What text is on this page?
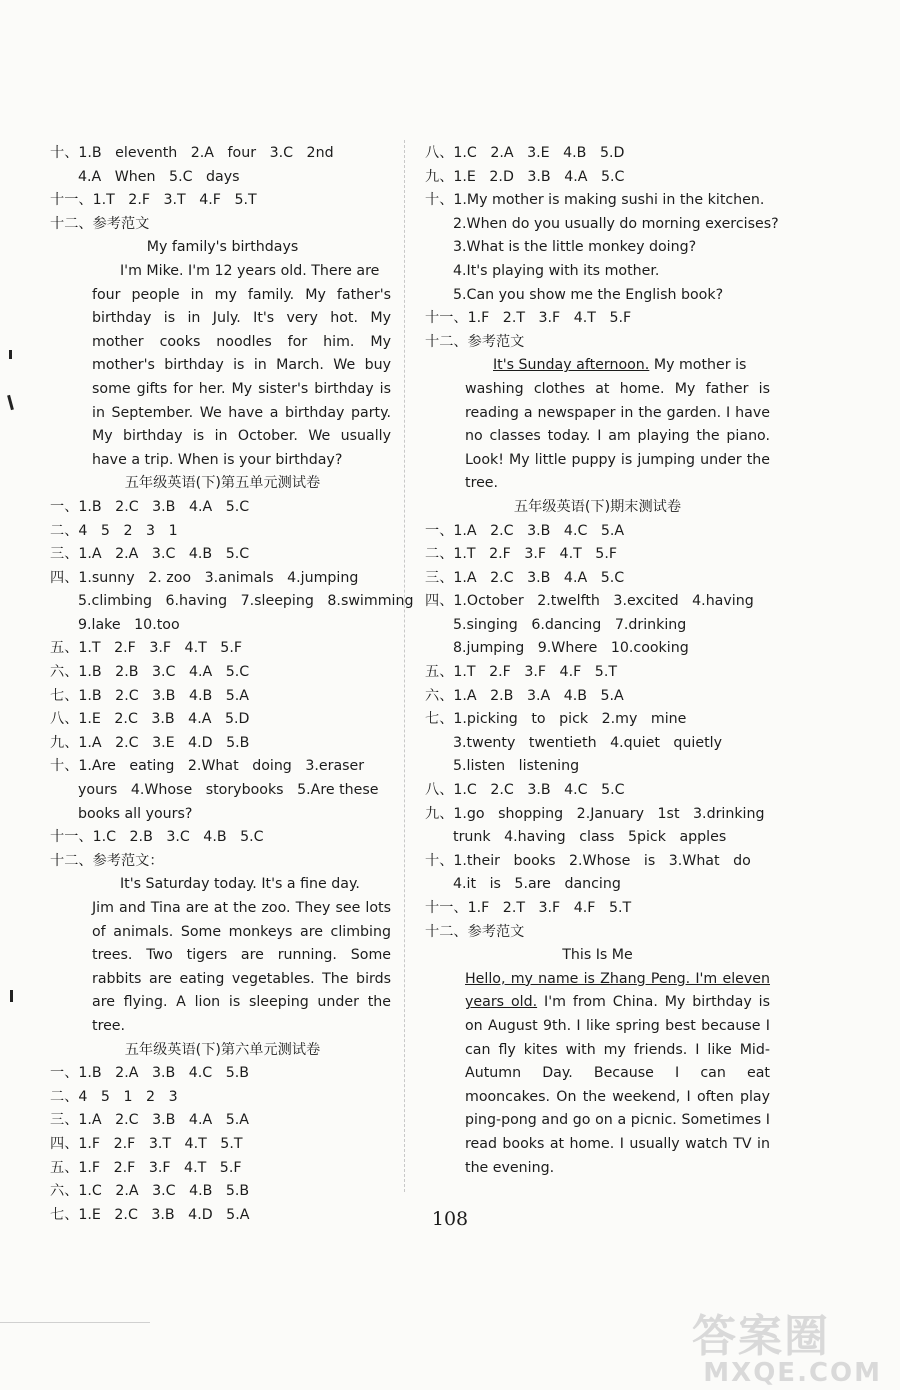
十、1.B   eleventh   2.A   four   3.C   2nd
4.A   When   5.C   days
十一、1.T   2.F   3.T   4.F   5.T
十二、参考范文
My family's birthdays
I'm Mike. I'm 12 years old. There are
four people in my family. My father's birthday is in July. It's very hot. My mother cooks noodles for him. My mother's birthday is in March. We buy some gifts for her. My sister's birthday is in September. We have a birthday party. My birthday is in October. We usually have a trip. When is your birthday?
五年级英语(下)第五单元测试卷
一、1.B   2.C   3.B   4.A   5.C
二、4   5   2   3   1
三、1.A   2.A   3.C   4.B   5.C
四、1.sunny   2. zoo   3.animals   4.jumping
5.climbing   6.having   7.sleeping   8.swimming
9.lake   10.too
五、1.T   2.F   3.F   4.T   5.F
六、1.B   2.B   3.C   4.A   5.C
七、1.B   2.C   3.B   4.B   5.A
八、1.E   2.C   3.B   4.A   5.D
九、1.A   2.C   3.E   4.D   5.B
十、1.Are   eating   2.What   doing   3.eraser
yours   4.Whose   storybooks   5.Are these
books all yours?
十一、1.C   2.B   3.C   4.B   5.C
十二、参考范文：
It's Saturday today. It's a fine day.
Jim and Tina are at the zoo. They see lots of animals. Some monkeys are climbing trees. Two tigers are running. Some rabbits are eating vegetables. The birds are flying. A lion is sleeping under the tree.
五年级英语(下)第六单元测试卷
一、1.B   2.A   3.B   4.C   5.B
二、4   5   1   2   3
三、1.A   2.C   3.B   4.A   5.A
四、1.F   2.F   3.T   4.T   5.T
五、1.F   2.F   3.F   4.T   5.F
六、1.C   2.A   3.C   4.B   5.B
七、1.E   2.C   3.B   4.D   5.A
八、1.C   2.A   3.E   4.B   5.D
九、1.E   2.D   3.B   4.A   5.C
十、1.My mother is making sushi in the kitchen.
2.When do you usually do morning exercises?
3.What is the little monkey doing?
4.It's playing with its mother.
5.Can you show me the English book?
十一、1.F   2.T   3.F   4.T   5.F
十二、参考范文
It's Sunday afternoon. My mother is
washing clothes at home. My father is reading a newspaper in the garden. I have no classes today. I am playing the piano. Look! My little puppy is jumping under the tree.
五年级英语(下)期末测试卷
一、1.A   2.C   3.B   4.C   5.A
二、1.T   2.F   3.F   4.T   5.F
三、1.A   2.C   3.B   4.A   5.C
四、1.October   2.twelfth   3.excited   4.having
5.singing   6.dancing   7.drinking
8.jumping   9.Where   10.cooking
五、1.T   2.F   3.F   4.F   5.T
六、1.A   2.B   3.A   4.B   5.A
七、1.picking   to   pick   2.my   mine
3.twenty   twentieth   4.quiet   quietly
5.listen   listening
八、1.C   2.C   3.B   4.C   5.C
九、1.go   shopping   2.January   1st   3.drinking
trunk   4.having   class   5pick   apples
十、1.their   books   2.Whose   is   3.What   do
4.it   is   5.are   dancing
十一、1.F   2.T   3.F   4.F   5.T
十二、参考范文
This Is Me
Hello, my name is Zhang Peng. I'm eleven years old. I'm from China. My birthday is on August 9th. I like spring best because I can fly kites with my friends. I like Mid-Autumn Day. Because I can eat mooncakes. On the weekend, I often play ping-pong and go on a picnic. Sometimes I read books at home. I usually watch TV in the evening.
108
答案圈
MXQE.COM
